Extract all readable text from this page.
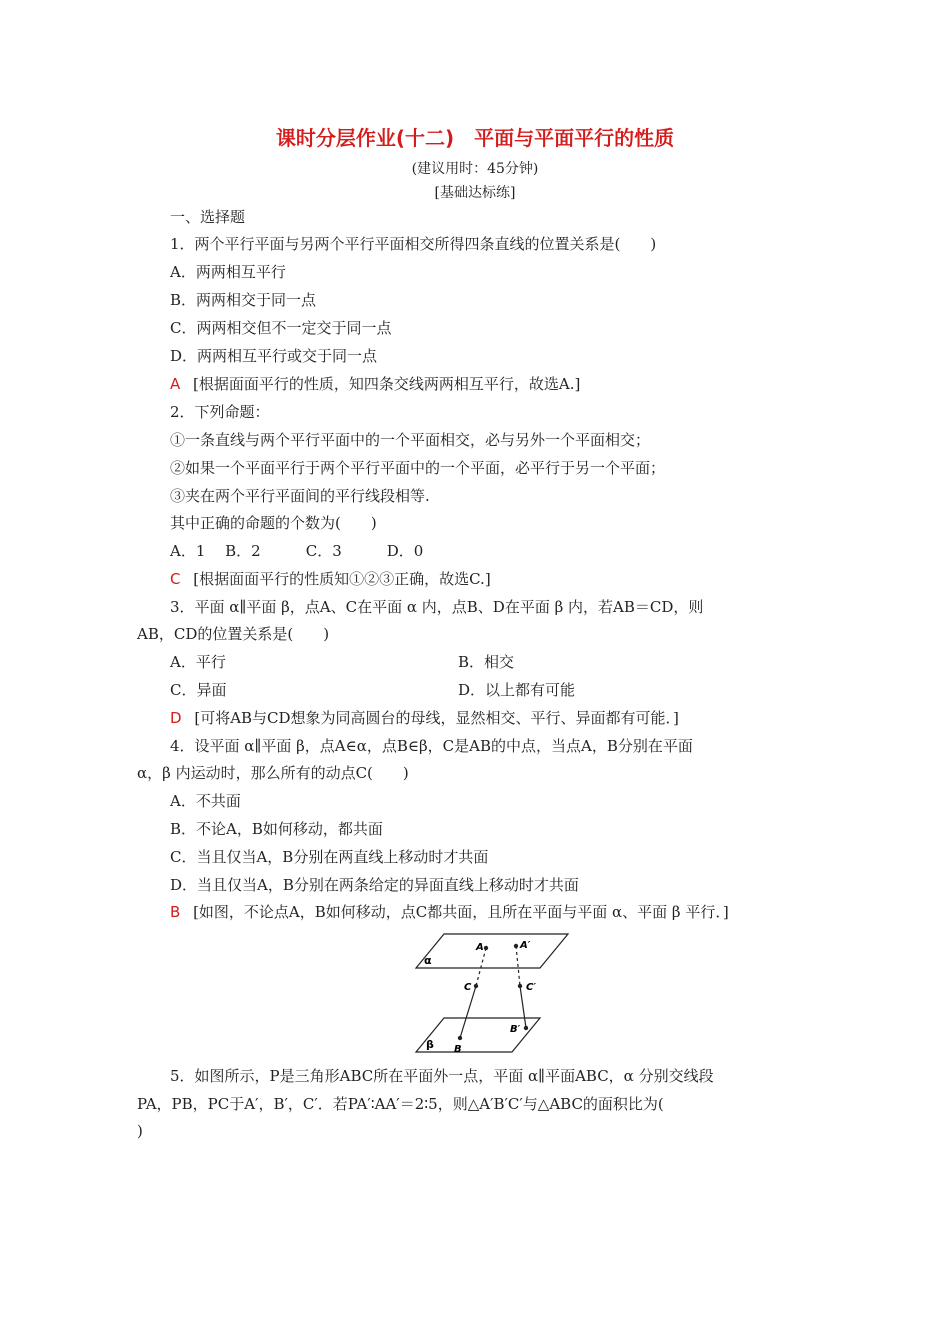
课时分层作业(十二)　平面与平面平行的性质
(建议用时：45分钟)
[基础达标练]
一、选择题
1．两个平行平面与另两个平行平面相交所得四条直线的位置关系是(　　)
A．两两相互平行
B．两两相交于同一点
C．两两相交但不一定交于同一点
D．两两相互平行或交于同一点
A [根据面面平行的性质，知四条交线两两相互平行，故选A.]
2．下列命题：
①一条直线与两个平行平面中的一个平面相交，必与另外一个平面相交；
②如果一个平面平行于两个平行平面中的一个平面，必平行于另一个平面；
③夹在两个平行平面间的平行线段相等.
其中正确的命题的个数为(　　)
A．1　 B．2　　　C．3　　　D．0
C [根据面面平行的性质知①②③正确，故选C.]
3．平面 α∥平面 β，点A、C在平面 α 内，点B、D在平面 β 内，若AB＝CD，则
AB，CD的位置关系是(　　)
A．平行	B．相交
C．异面	D．以上都有可能
D [可将AB与CD想象为同高圆台的母线，显然相交、平行、异面都有可能．]
4．设平面 α∥平面 β，点A∈α，点B∈β，C是AB的中点，当点A，B分别在平面
α，β 内运动时，那么所有的动点C(　　)
A．不共面
B．不论A，B如何移动，都共面
C．当且仅当A，B分别在两直线上移动时才共面
D．当且仅当A，B分别在两条给定的异面直线上移动时才共面
B [如图，不论点A，B如何移动，点C都共面，且所在平面与平面 α、平面 β 平行．]
α
β
A	A′
C	C′
B
B′
5．如图所示，P是三角形ABC所在平面外一点，平面 α∥平面ABC，α 分别交线段
PA，PB，PC于A′，B′，C′．若PA′∶AA′＝2∶5，则△A′B′C′与△ABC的面积比为(
)
